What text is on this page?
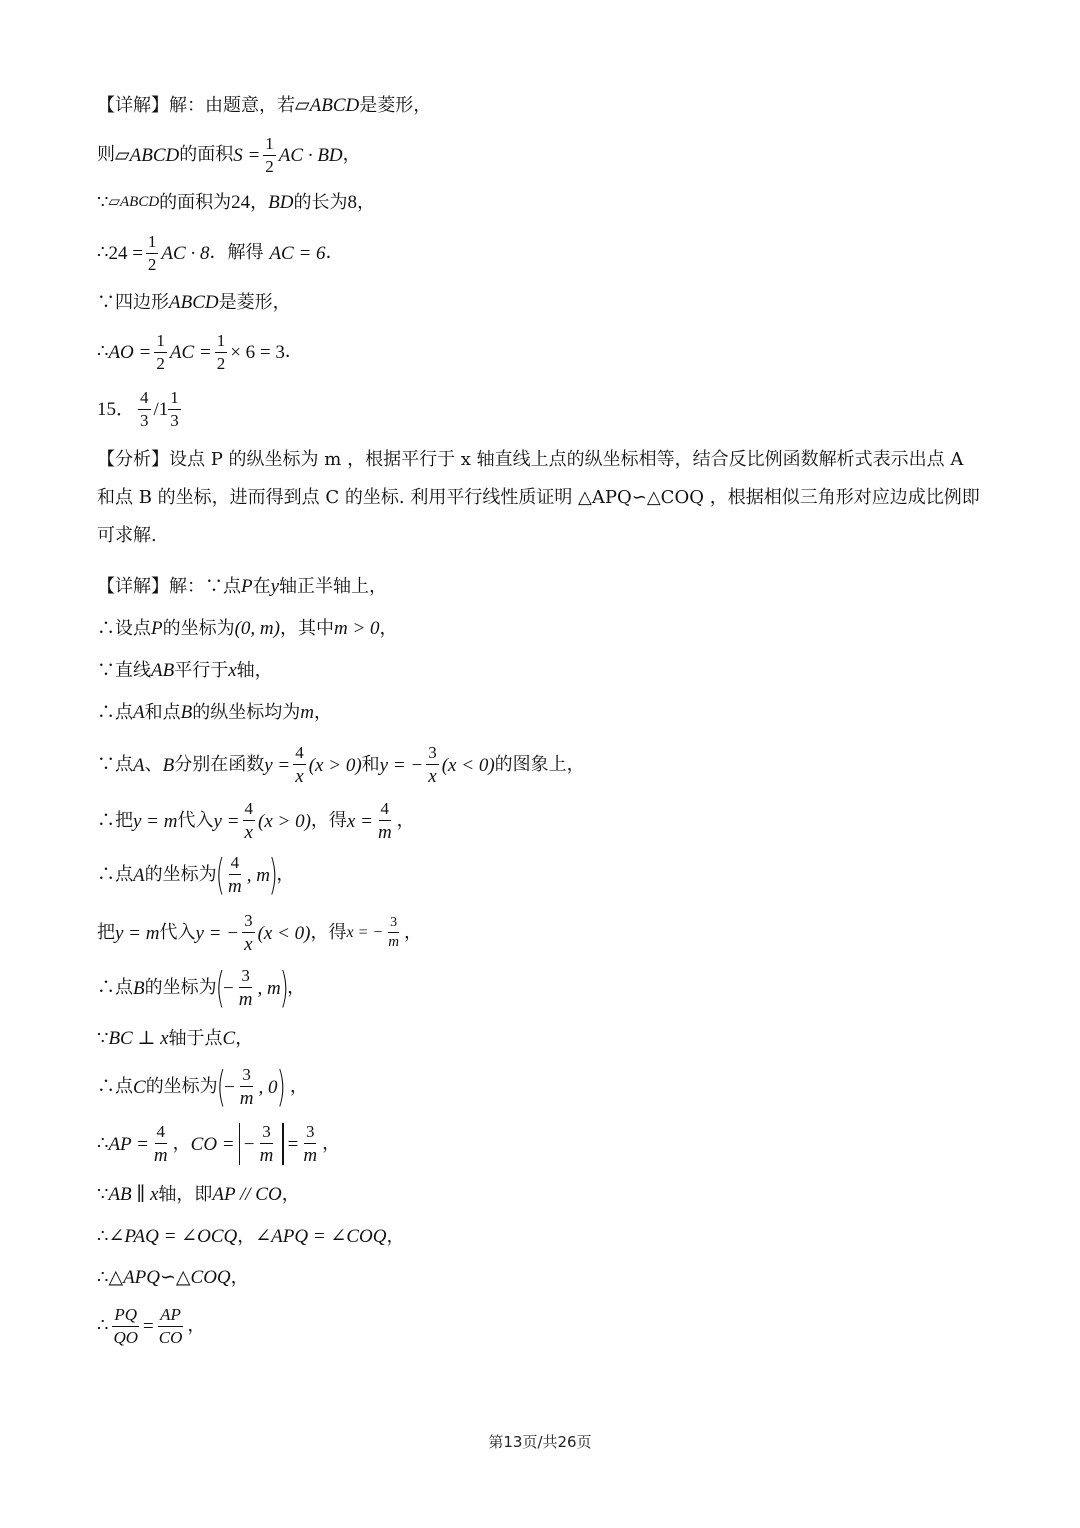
【详解】解：由题意，若 ▱ABCD 是菱形，
则 ▱ABCD 的面积 $S = \frac{1}{2}$ AC · BD ，
∵ ▱ABCD 的面积为 24 ， BD 的长为 8 ，
∴ $24 = \frac{1}{2}$ AC · 8 ．解得 AC = 6 ．
∵四边形 ABCD 是菱形，
∴ AO = $\frac{1}{2}$ AC = $\frac{1}{2} \times 6 = 3$ ．
15． $\frac{4}{3} /1 \frac{1}{3}$
【分析】设点 P 的纵坐标为 m ，根据平行于 x 轴直线上点的纵坐标相等，结合反比例函数解析式表示出点 A 和点 B 的坐标，进而得到点 C 的坐标. 利用平行线性质证明 △APQ∽△COQ ，根据相似三角形对应边成比例即可求解.
【详解】解：∵点 P 在 y 轴正半轴上，
∴设点 P 的坐标为 (0, m) ，其中 m > 0 ，
∵直线 AB 平行于 x 轴，
∴点 A 和点 B 的纵坐标均为 m ，
∵点 A 、 B 分别在函数 $y = \frac{4}{x} (x > 0)$ 和 y = − $\frac{3}{x} (x < 0)$ 的图象上，
∴把 y = m 代入 $y = \frac{4}{x} (x > 0)$ ，得 $x = \frac{4}{m}$ ，
∴点 A 的坐标为
( $\frac{4}{m}$ , m
)
，
把 y = m 代入 y = − $\frac{3}{x} (x < 0)$ ，得 x = − $\frac{3}{m}$ ，
∴点 B 的坐标为
(
− $\frac{3}{m}$ , m
)
，
∵ BC ⊥ x 轴于点 C ，
∴点 C 的坐标为
(
− $\frac{3}{m}$ , 0
) ，
∴ AP = $\frac{4}{m}$ ， CO = − $\frac{3}{m} = \frac{3}{m}$ ，
∵ AB ∥ x 轴，即 AP // CO ，
∴ ∠PAQ = ∠OCQ ， ∠APQ = ∠COQ ，
∴ △APQ∽△COQ ，
∴ $\frac{PQ}{QO} = \frac{AP}{CO}$ ，
第13页/共26页
